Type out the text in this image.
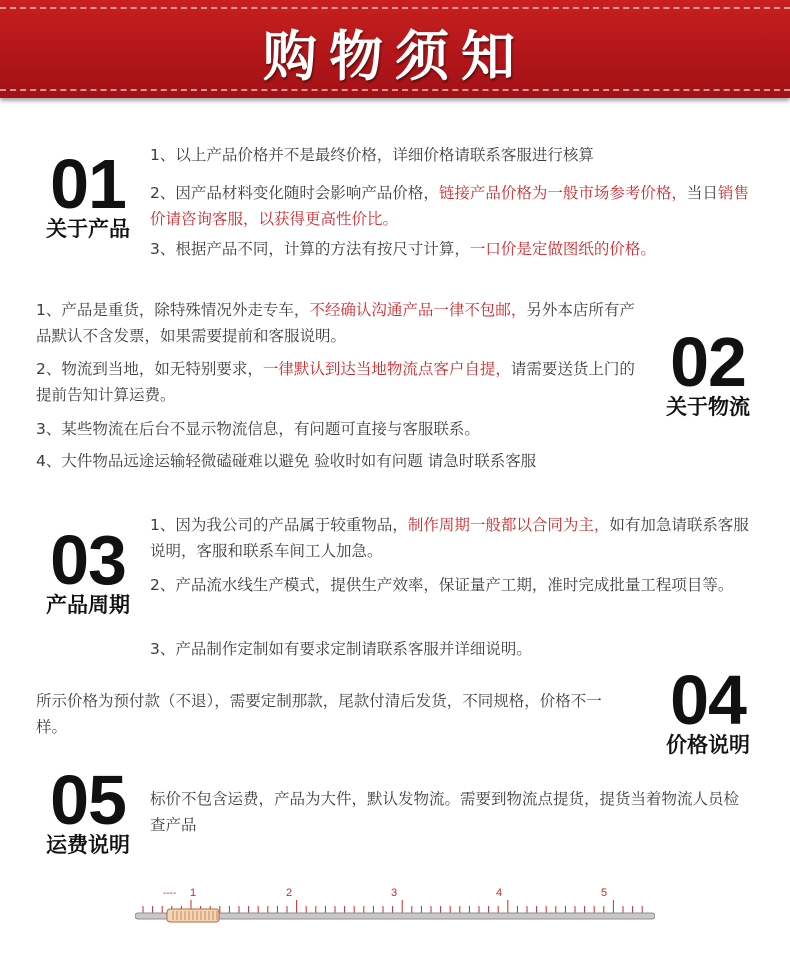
购物须知
01
关于产品
1、以上产品价格并不是最终价格，详细价格请联系客服进行核算
2、因产品材料变化随时会影响产品价格，链接产品价格为一般市场参考价格，当日销售价请咨询客服，以获得更高性价比。
3、根据产品不同，计算的方法有按尺寸计算，一口价是定做图纸的价格。
1、产品是重货，除特殊情况外走专车，不经确认沟通产品一律不包邮，另外本店所有产品默认不含发票，如果需要提前和客服说明。
2、物流到当地，如无特别要求，一律默认到达当地物流点客户自提，请需要送货上门的提前告知计算运费。
3、某些物流在后台不显示物流信息，有问题可直接与客服联系。
4、大件物品远途运输轻微磕碰难以避免 验收时如有问题 请急时联系客服
02
关于物流
03
产品周期
1、因为我公司的产品属于较重物品，制作周期一般都以合同为主，如有加急请联系客服说明，客服和联系车间工人加急。
2、产品流水线生产模式，提供生产效率，保证量产工期，准时完成批量工程项目等。
3、产品制作定制如有要求定制请联系客服并详细说明。
所示价格为预付款（不退），需要定制那款，尾款付清后发货，不同规格，价格不一样。	04
价格说明
05
运费说明
标价不包含运费，产品为大件，默认发物流。需要到物流点提货，提货当着物流人员检查产品
---- 1	2	3	4	5
